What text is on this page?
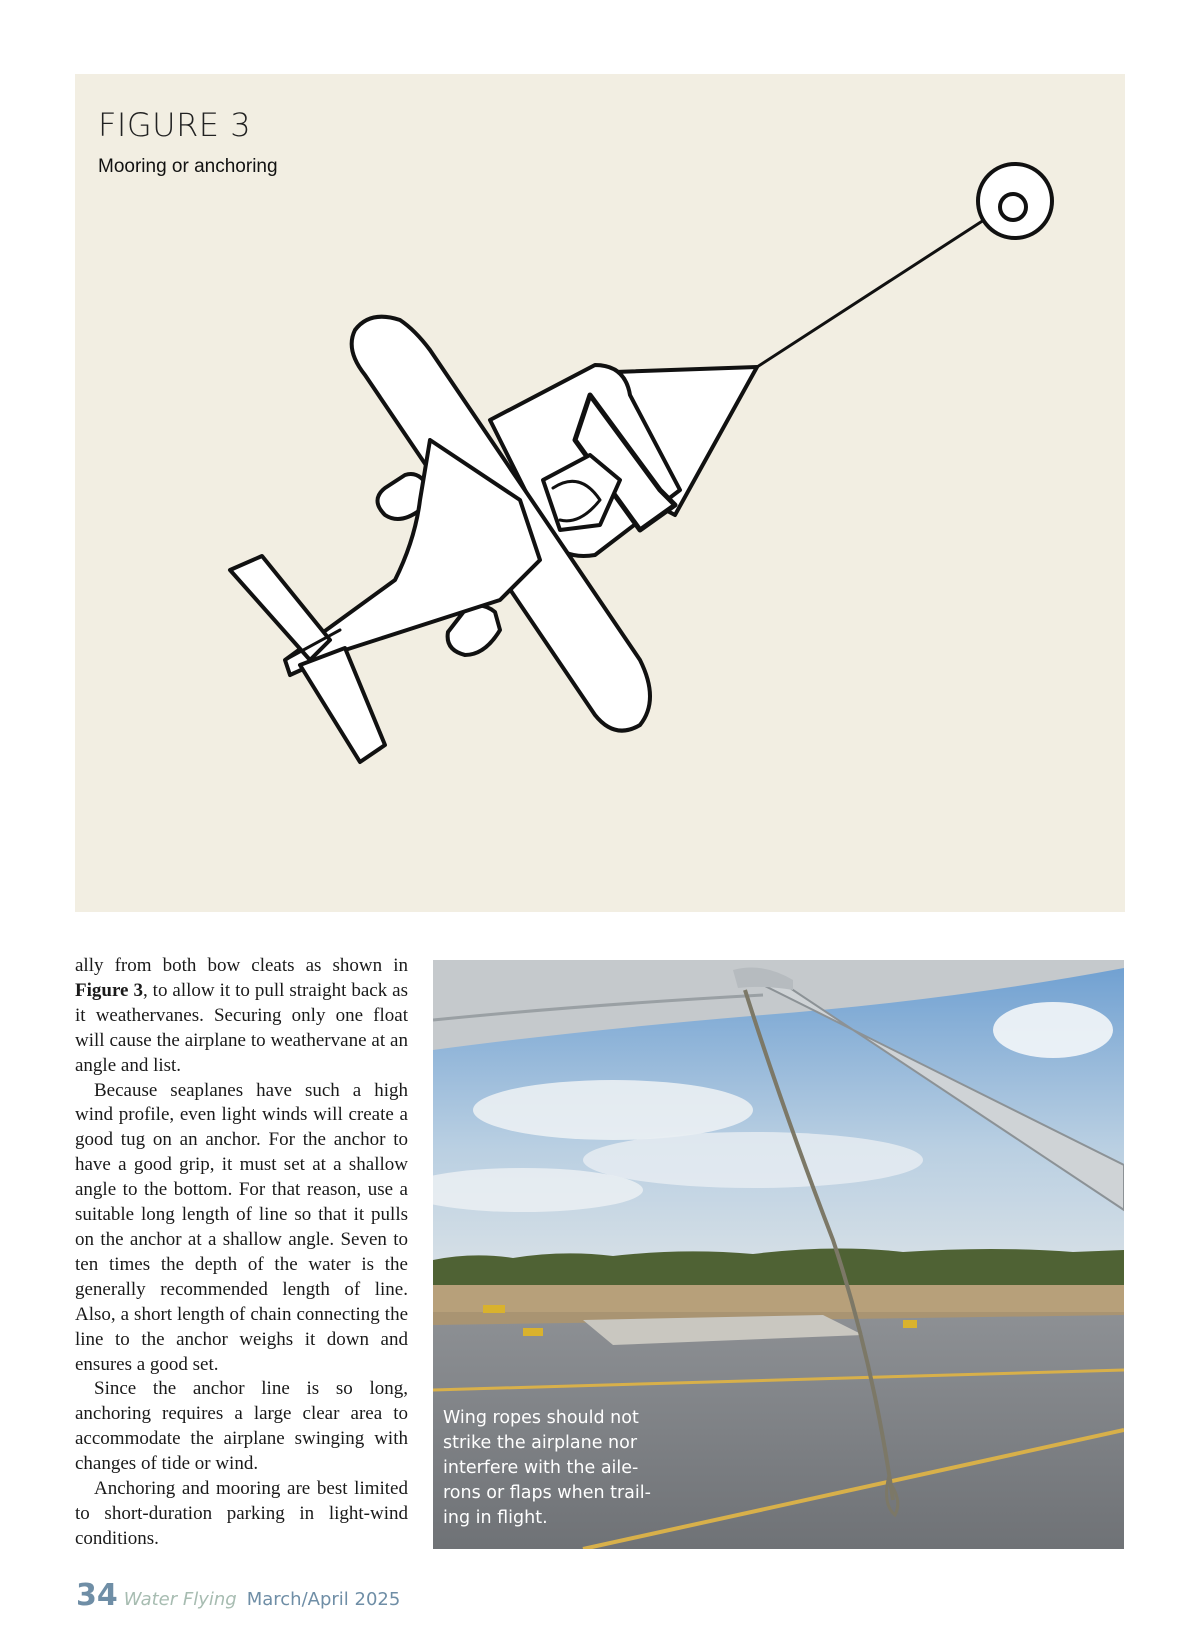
FIGURE 3
Mooring or anchoring

ally from both bow cleats as shown in Figure 3, to allow it to pull straight back as it weathervanes. Securing only one float will cause the airplane to weathervane at an angle and list.

Because seaplanes have such a high wind profile, even light winds will create a good tug on an anchor. For the anchor to have a good grip, it must set at a shallow angle to the bottom. For that reason, use a suitable long length of line so that it pulls on the anchor at a shallow angle. Seven to ten times the depth of the water is the generally recommended length of line. Also, a short length of chain connecting the line to the anchor weighs it down and ensures a good set.

Since the anchor line is so long, anchoring requires a large clear area to accommodate the airplane swinging with changes of tide or wind.

Anchoring and mooring are best limited to short-duration parking in light-wind conditions.

Wing ropes should not
strike the airplane nor
interfere with the aile-
rons or flaps when trail-
ing in flight.
34 Water Flying March/April 2025
